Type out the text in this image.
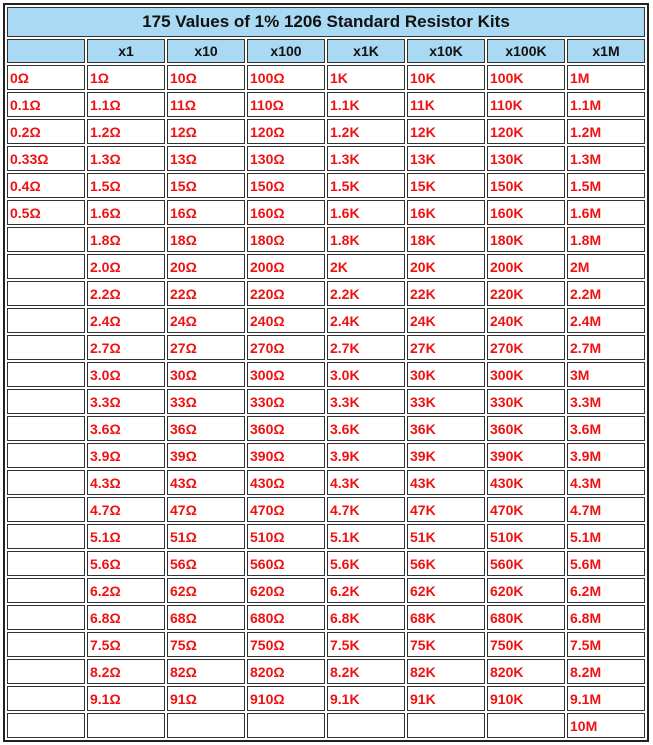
175 Values of 1% 1206 Standard Resistor Kits							
	x1	x10	x100	x1K	x10K	x100K	x1M
0Ω	1Ω	10Ω	100Ω	1K	10K	100K	1M
0.1Ω	1.1Ω	11Ω	110Ω	1.1K	11K	110K	1.1M
0.2Ω	1.2Ω	12Ω	120Ω	1.2K	12K	120K	1.2M
0.33Ω	1.3Ω	13Ω	130Ω	1.3K	13K	130K	1.3M
0.4Ω	1.5Ω	15Ω	150Ω	1.5K	15K	150K	1.5M
0.5Ω	1.6Ω	16Ω	160Ω	1.6K	16K	160K	1.6M
	1.8Ω	18Ω	180Ω	1.8K	18K	180K	1.8M
	2.0Ω	20Ω	200Ω	2K	20K	200K	2M
	2.2Ω	22Ω	220Ω	2.2K	22K	220K	2.2M
	2.4Ω	24Ω	240Ω	2.4K	24K	240K	2.4M
	2.7Ω	27Ω	270Ω	2.7K	27K	270K	2.7M
	3.0Ω	30Ω	300Ω	3.0K	30K	300K	3M
	3.3Ω	33Ω	330Ω	3.3K	33K	330K	3.3M
	3.6Ω	36Ω	360Ω	3.6K	36K	360K	3.6M
	3.9Ω	39Ω	390Ω	3.9K	39K	390K	3.9M
	4.3Ω	43Ω	430Ω	4.3K	43K	430K	4.3M
	4.7Ω	47Ω	470Ω	4.7K	47K	470K	4.7M
	5.1Ω	51Ω	510Ω	5.1K	51K	510K	5.1M
	5.6Ω	56Ω	560Ω	5.6K	56K	560K	5.6M
	6.2Ω	62Ω	620Ω	6.2K	62K	620K	6.2M
	6.8Ω	68Ω	680Ω	6.8K	68K	680K	6.8M
	7.5Ω	75Ω	750Ω	7.5K	75K	750K	7.5M
	8.2Ω	82Ω	820Ω	8.2K	82K	820K	8.2M
	9.1Ω	91Ω	910Ω	9.1K	91K	910K	9.1M
							10M
